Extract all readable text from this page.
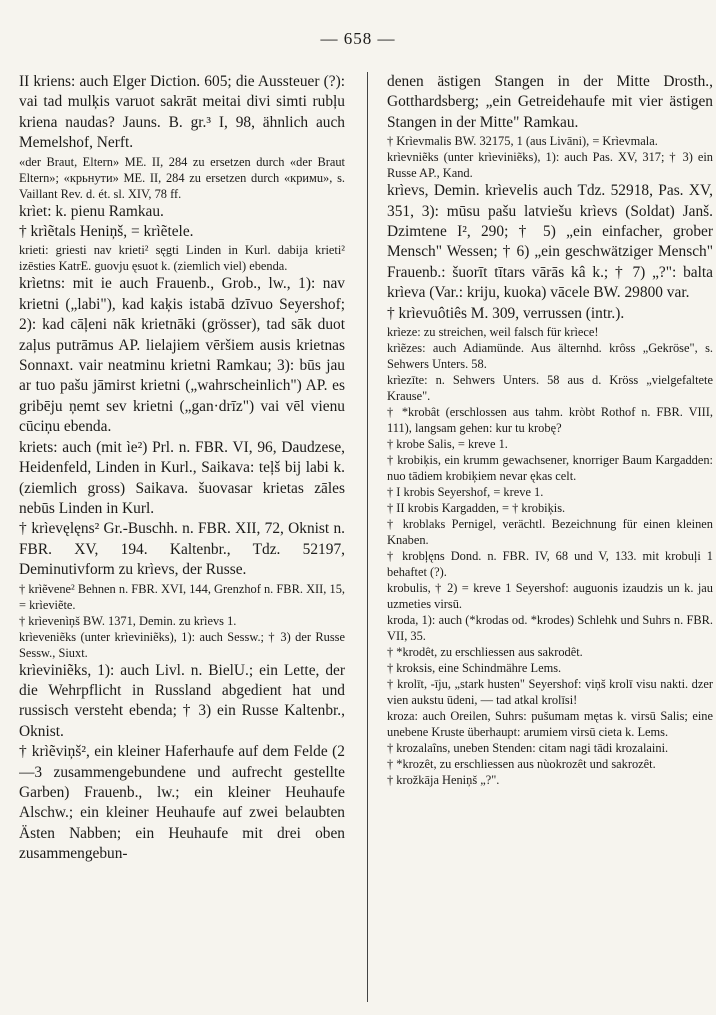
— 658 —

II kriens: auch Elger Diction. 605; die Aussteuer (?): vai tad mulķis varuot sakrāt meitai divi simti rubļu kriena naudas? Jauns. B. gr.³ I, 98, ähnlich auch Memelshof, Nerft.

«der Braut, Eltern» ME. II, 284 zu ersetzen durch «der Braut Eltern»; «крьнути» ME. II, 284 zu ersetzen durch «кpимu», s. Vaillant Rev. d. ét. sl. XIV, 78 ff.

krìet: k. pienu Ramkau.

† krìẽtals Heniņš, = krìẽtele.

krieti: griesti nav krieti² sęgti Linden in Kurl. dabija krieti² izēsties KatrE. guovju ęsuot k. (ziemlich viel) ebenda.

krìetns: mit ie auch Frauenb., Grob., lw., 1): nav krietni („labi"), kad kaķis istabā dzīvuo Seyershof; 2): kad cāļeni nāk krietnāki (grösser), tad sāk duot zaļus putrāmus AP. lielajiem vēršiem ausis krietnas Sonnaxt. vair neatminu krietni Ramkau; 3): būs jau ar tuo pašu jāmirst krietni („wahrscheinlich") AP. es gribēju ņemt sev krietni („gan·drīz") vai vēl vienu cūciņu ebenda.

kriets: auch (mit ìe²) Prl. n. FBR. VI, 96, Daudzese, Heidenfeld, Linden in Kurl., Saikava: teļš bij labi k. (ziemlich gross) Saikava. šuovasar krietas zāles nebūs Linden in Kurl.

† krìevęlęns² Gr.-Buschh. n. FBR. XII, 72, Oknist n. FBR. XV, 194. Kaltenbr., Tdz. 52197, Deminutivform zu krìevs, der Russe.

† krìẽvene² Behnen n. FBR. XVI, 144, Grenzhof n. FBR. XII, 15, = krìeviẽte.

† krìevenìņš BW. 1371, Demin. zu krìevs 1.

krìeveniẽks (unter krìeviniẽks), 1): auch Sessw.; † 3) der Russe Sessw., Siuxt.

krìeviniẽks, 1): auch Livl. n. BielU.; ein Lette, der die Wehrpflicht in Russland abgedient hat und russisch versteht ebenda; † 3) ein Russe Kaltenbr., Oknist.

† krìẽviņš², ein kleiner Haferhaufe auf dem Felde (2—3 zusammengebundene und aufrecht gestellte Garben) Frauenb., lw.; ein kleiner Heuhaufe Alschw.; ein kleiner Heuhaufe auf zwei belaubten Ästen Nabben; ein Heuhaufe mit drei oben zusammengebun-

denen ästigen Stangen in der Mitte Drosth., Gotthardsberg; „ein Getreidehaufe mit vier ästigen Stangen in der Mitte" Ramkau.

† Krìevmalis BW. 32175, 1 (aus Livāni), = Krìevmala.

krìevniẽks (unter krìeviniẽks), 1): auch Pas. XV, 317; † 3) ein Russe AP., Kand.

krìevs, Demin. krìevelis auch Tdz. 52918, Pas. XV, 351, 3): mūsu pašu latviešu krìevs (Soldat) Janš. Dzimtene I², 290; † 5) „ein einfacher, grober Mensch" Wessen; † 6) „ein geschwätziger Mensch" Frauenb.: šuorīt tītars vārās kâ k.; † 7) „?": balta krìeva (Var.: kriju, kuoka) vācele BW. 29800 var.

† krìevuôtiês M. 309, verrussen (intr.).

krìeze: zu streichen, weil falsch für krìece!

krìẽzes: auch Adiamünde. Aus älternhd. krôss „Gekröse", s. Sehwers Unters. 58.

krìezīte: n. Sehwers Unters. 58 aus d. Kröss „vielgefaltete Krause".

† *krobât (erschlossen aus tahm. kròbt Rothof n. FBR. VIII, 111), langsam gehen: kur tu krobę?

† krobe Salis, = kreve 1.

† krobiķis, ein krumm gewachsener, knorriger Baum Kargadden: nuo tādiem krobiķiem nevar ękas celt.

† I krobis Seyershof, = kreve 1.

† II krobis Kargadden, = † krobiķis.

† kroblaks Pernigel, verächtl. Bezeichnung für einen kleinen Knaben.

† krobļęns Dond. n. FBR. IV, 68 und V, 133. mit krobuļi 1 behaftet (?).

krobulis, † 2) = kreve 1 Seyershof: auguonis izaudzis un k. jau uzmeties virsū.

kroda, 1): auch (*krodas od. *krodes) Schlehk und Suhrs n. FBR. VII, 35.

† *krodêt, zu erschliessen aus sakrodêt.

† kroksis, eine Schindmähre Lems.

† krolīt, -īju, „stark husten" Seyershof: viņš krolī visu nakti. dzer vien aukstu ūdeni, — tad atkal krolīsi!

kroza: auch Oreilen, Suhrs: pušumam mętas k. virsū Salis; eine unebene Kruste überhaupt: arumiem virsū cieta k. Lems.

† krozalaîns, uneben Stenden: citam nagi tādi krozalaini.

† *krozêt, zu erschliessen aus nùokrozêt und sakrozêt.

† krožkāja Heniņš „?".
